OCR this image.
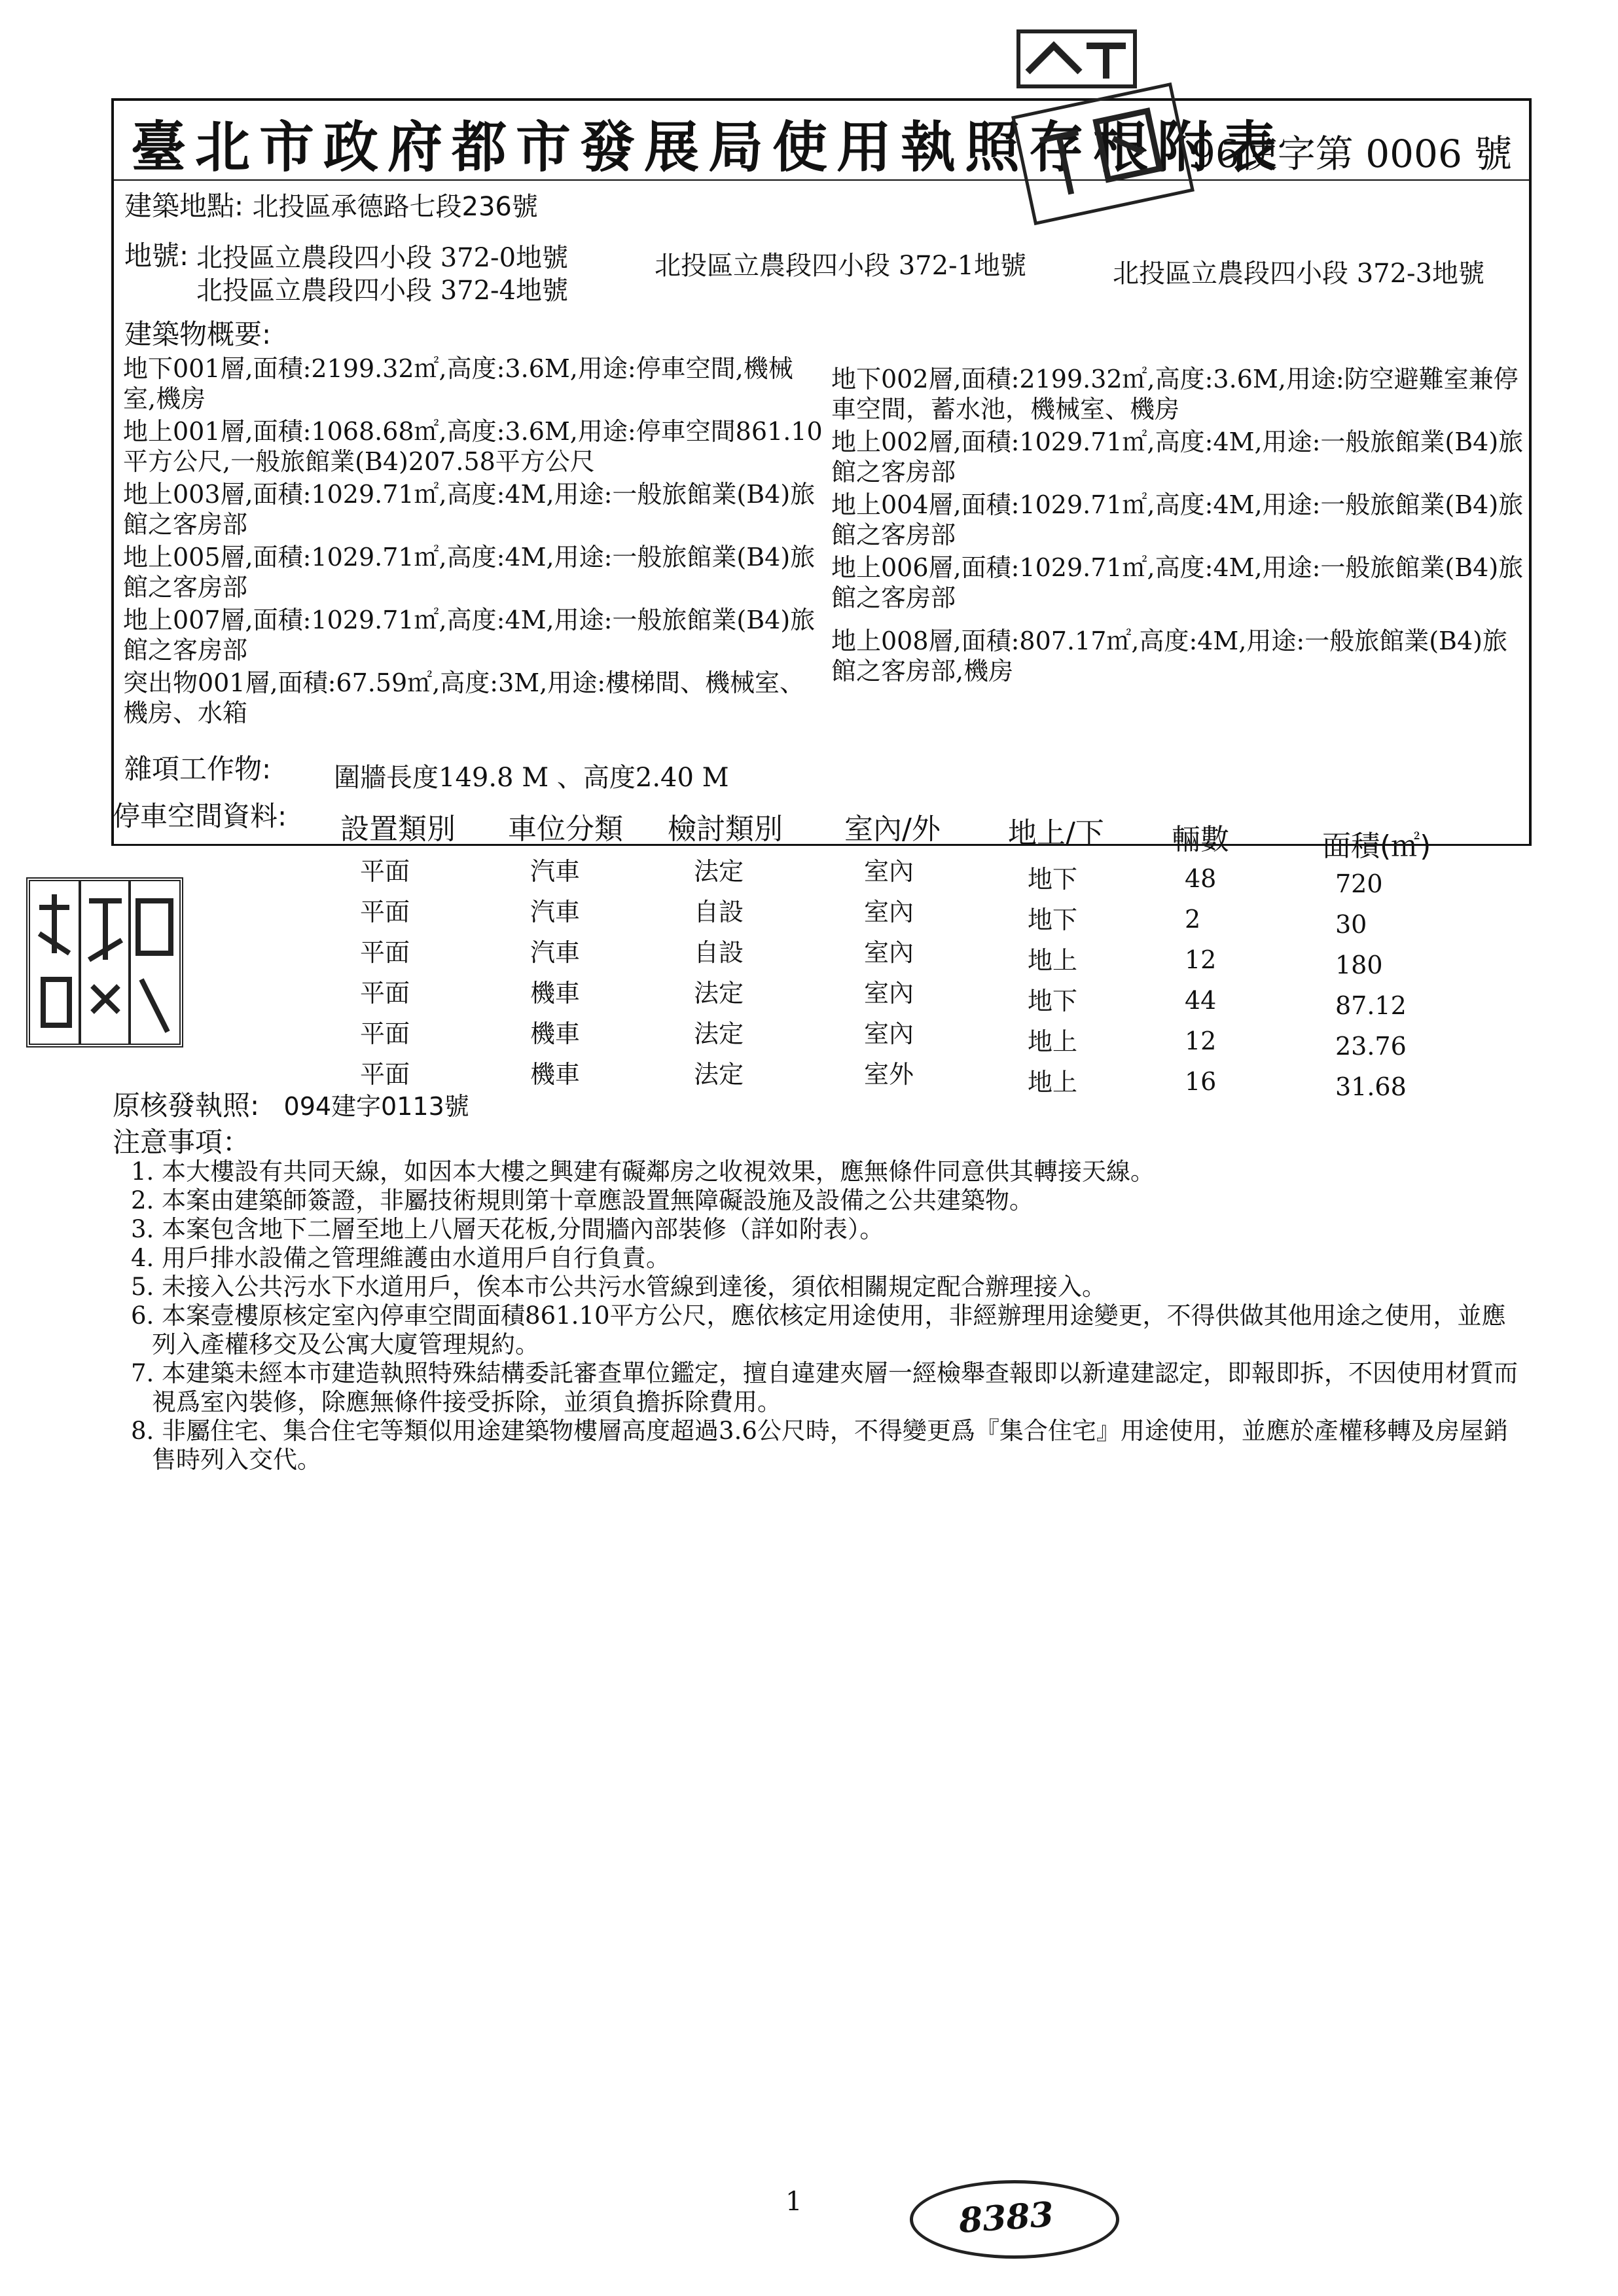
臺北市政府都市發展局使用執照存根附表
96使字第 0006 號
建築地點: 北投區承德路七段236號
地號: 北投區立農段四小段 372-0地號	北投區立農段四小段 372-1地號	北投區立農段四小段 372-3地號
北投區立農段四小段 372-4地號
建築物概要:
地下001層,面積:2199.32㎡,高度:3.6M,用途:停車空間,機械室,機房
地上001層,面積:1068.68㎡,高度:3.6M,用途:停車空間861.10平方公尺,一般旅館業(B4)207.58平方公尺
地上003層,面積:1029.71㎡,高度:4M,用途:一般旅館業(B4)旅館之客房部
地上005層,面積:1029.71㎡,高度:4M,用途:一般旅館業(B4)旅館之客房部
地上007層,面積:1029.71㎡,高度:4M,用途:一般旅館業(B4)旅館之客房部
突出物001層,面積:67.59㎡,高度:3M,用途:樓梯間、機械室、機房、水箱
地下002層,面積:2199.32㎡,高度:3.6M,用途:防空避難室兼停車空間，蓄水池，機械室、機房
地上002層,面積:1029.71㎡,高度:4M,用途:一般旅館業(B4)旅館之客房部
地上004層,面積:1029.71㎡,高度:4M,用途:一般旅館業(B4)旅館之客房部
地上006層,面積:1029.71㎡,高度:4M,用途:一般旅館業(B4)旅館之客房部
地上008層,面積:807.17㎡,高度:4M,用途:一般旅館業(B4)旅館之客房部,機房
雜項工作物: 圍牆長度149.8 M 、高度2.40 M
停車空間資料: 設置類別 車位分類 檢討類別 室內/外 地上/下 輛數	面積(㎡)
平面	汽車	法定	室內	地下	48	720
平面	汽車	自設	室內	地下	2	30
平面	汽車	自設	室內	地上	12	180
平面	機車	法定	室內	地下	44	87.12
平面	機車	法定	室內	地上	12	23.76
平面	機車	法定	室外	地上	16	31.68
原核發執照: 094建字0113號
注意事項：
1. 本大樓設有共同天線，如因本大樓之興建有礙鄰房之收視效果，應無條件同意供其轉接天線。
2. 本案由建築師簽證，非屬技術規則第十章應設置無障礙設施及設備之公共建築物。
3. 本案包含地下二層至地上八層天花板,分間牆內部裝修（詳如附表）。
4. 用戶排水設備之管理維護由水道用戶自行負責。
5. 未接入公共污水下水道用戶，俟本市公共污水管線到達後，須依相關規定配合辦理接入。
6. 本案壹樓原核定室內停車空間面積861.10平方公尺，應依核定用途使用，非經辦理用途變更，不得供做其他用途之使用，並應列入產權移交及公寓大廈管理規約。
7. 本建築未經本市建造執照特殊結構委託審查單位鑑定，擅自違建夾層一經檢舉查報即以新違建認定，即報即拆，不因使用材質而視爲室內裝修，除應無條件接受拆除，並須負擔拆除費用。
8. 非屬住宅、集合住宅等類似用途建築物樓層高度超過3.6公尺時，不得變更爲『集合住宅』用途使用，並應於產權移轉及房屋銷售時列入交代。
1	8383
